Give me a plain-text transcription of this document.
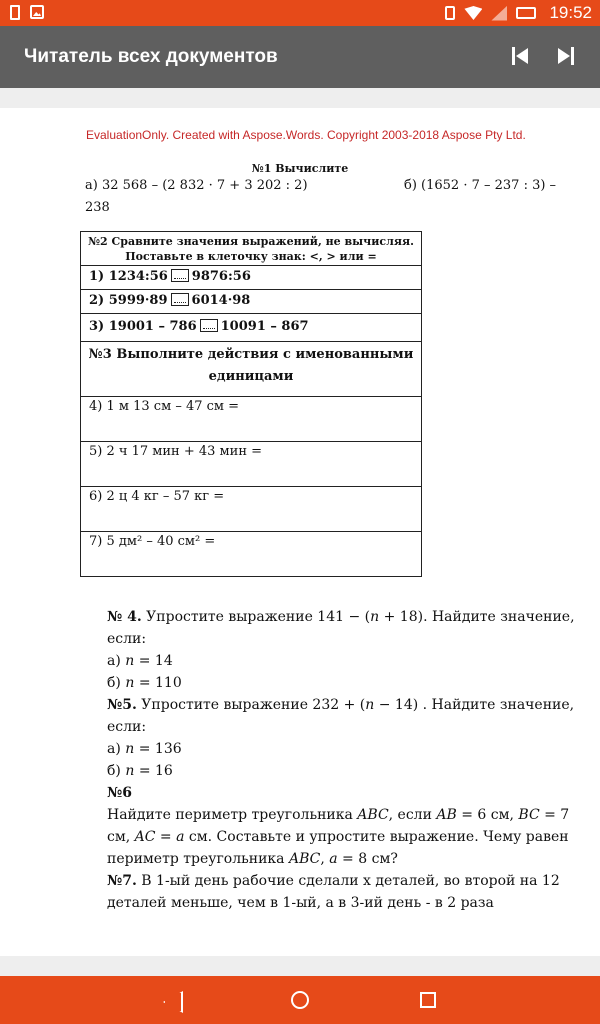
19:52
Читатель всех документов
EvaluationOnly. Created with Aspose.Words. Copyright 2003-2018 Aspose Pty Ltd.
№1 Вычислите
а) 32 568 – (2 832 · 7 + 3 202 : 2)	б) (1652 · 7 – 237 : 3) –
238
№2 Сравните значения выражений, не вычисляя.
Поставьте в клеточку знак: <, > или =

1) 1234:56 9876:56
2) 5999·89 6014·98
3) 19001 – 786 10091 – 867

№3 Выполните действия с именованными
единицами

4) 1 м 13 см – 47 см =
5) 2 ч 17 мин + 43 мин =
6) 2 ц 4 кг – 57 кг =
7) 5 дм² – 40 см² =
№ 4. Упростите выражение 141 − (n + 18). Найдите значение,
если:
а) n = 14
б) n = 110
№5. Упростите выражение 232 + (n − 14) . Найдите значение,
если:
а) n = 136
б) n = 16
№6
Найдите периметр треугольника ABC, если AB = 6 см, BC = 7
см, AC = a см. Составьте и упростите выражение. Чему равен
периметр треугольника ABC, a = 8 см?
№7. В 1-ый день рабочие сделали x деталей, во второй на 12
деталей меньше, чем в 1-ый, а в 3-ий день - в 2 раза
